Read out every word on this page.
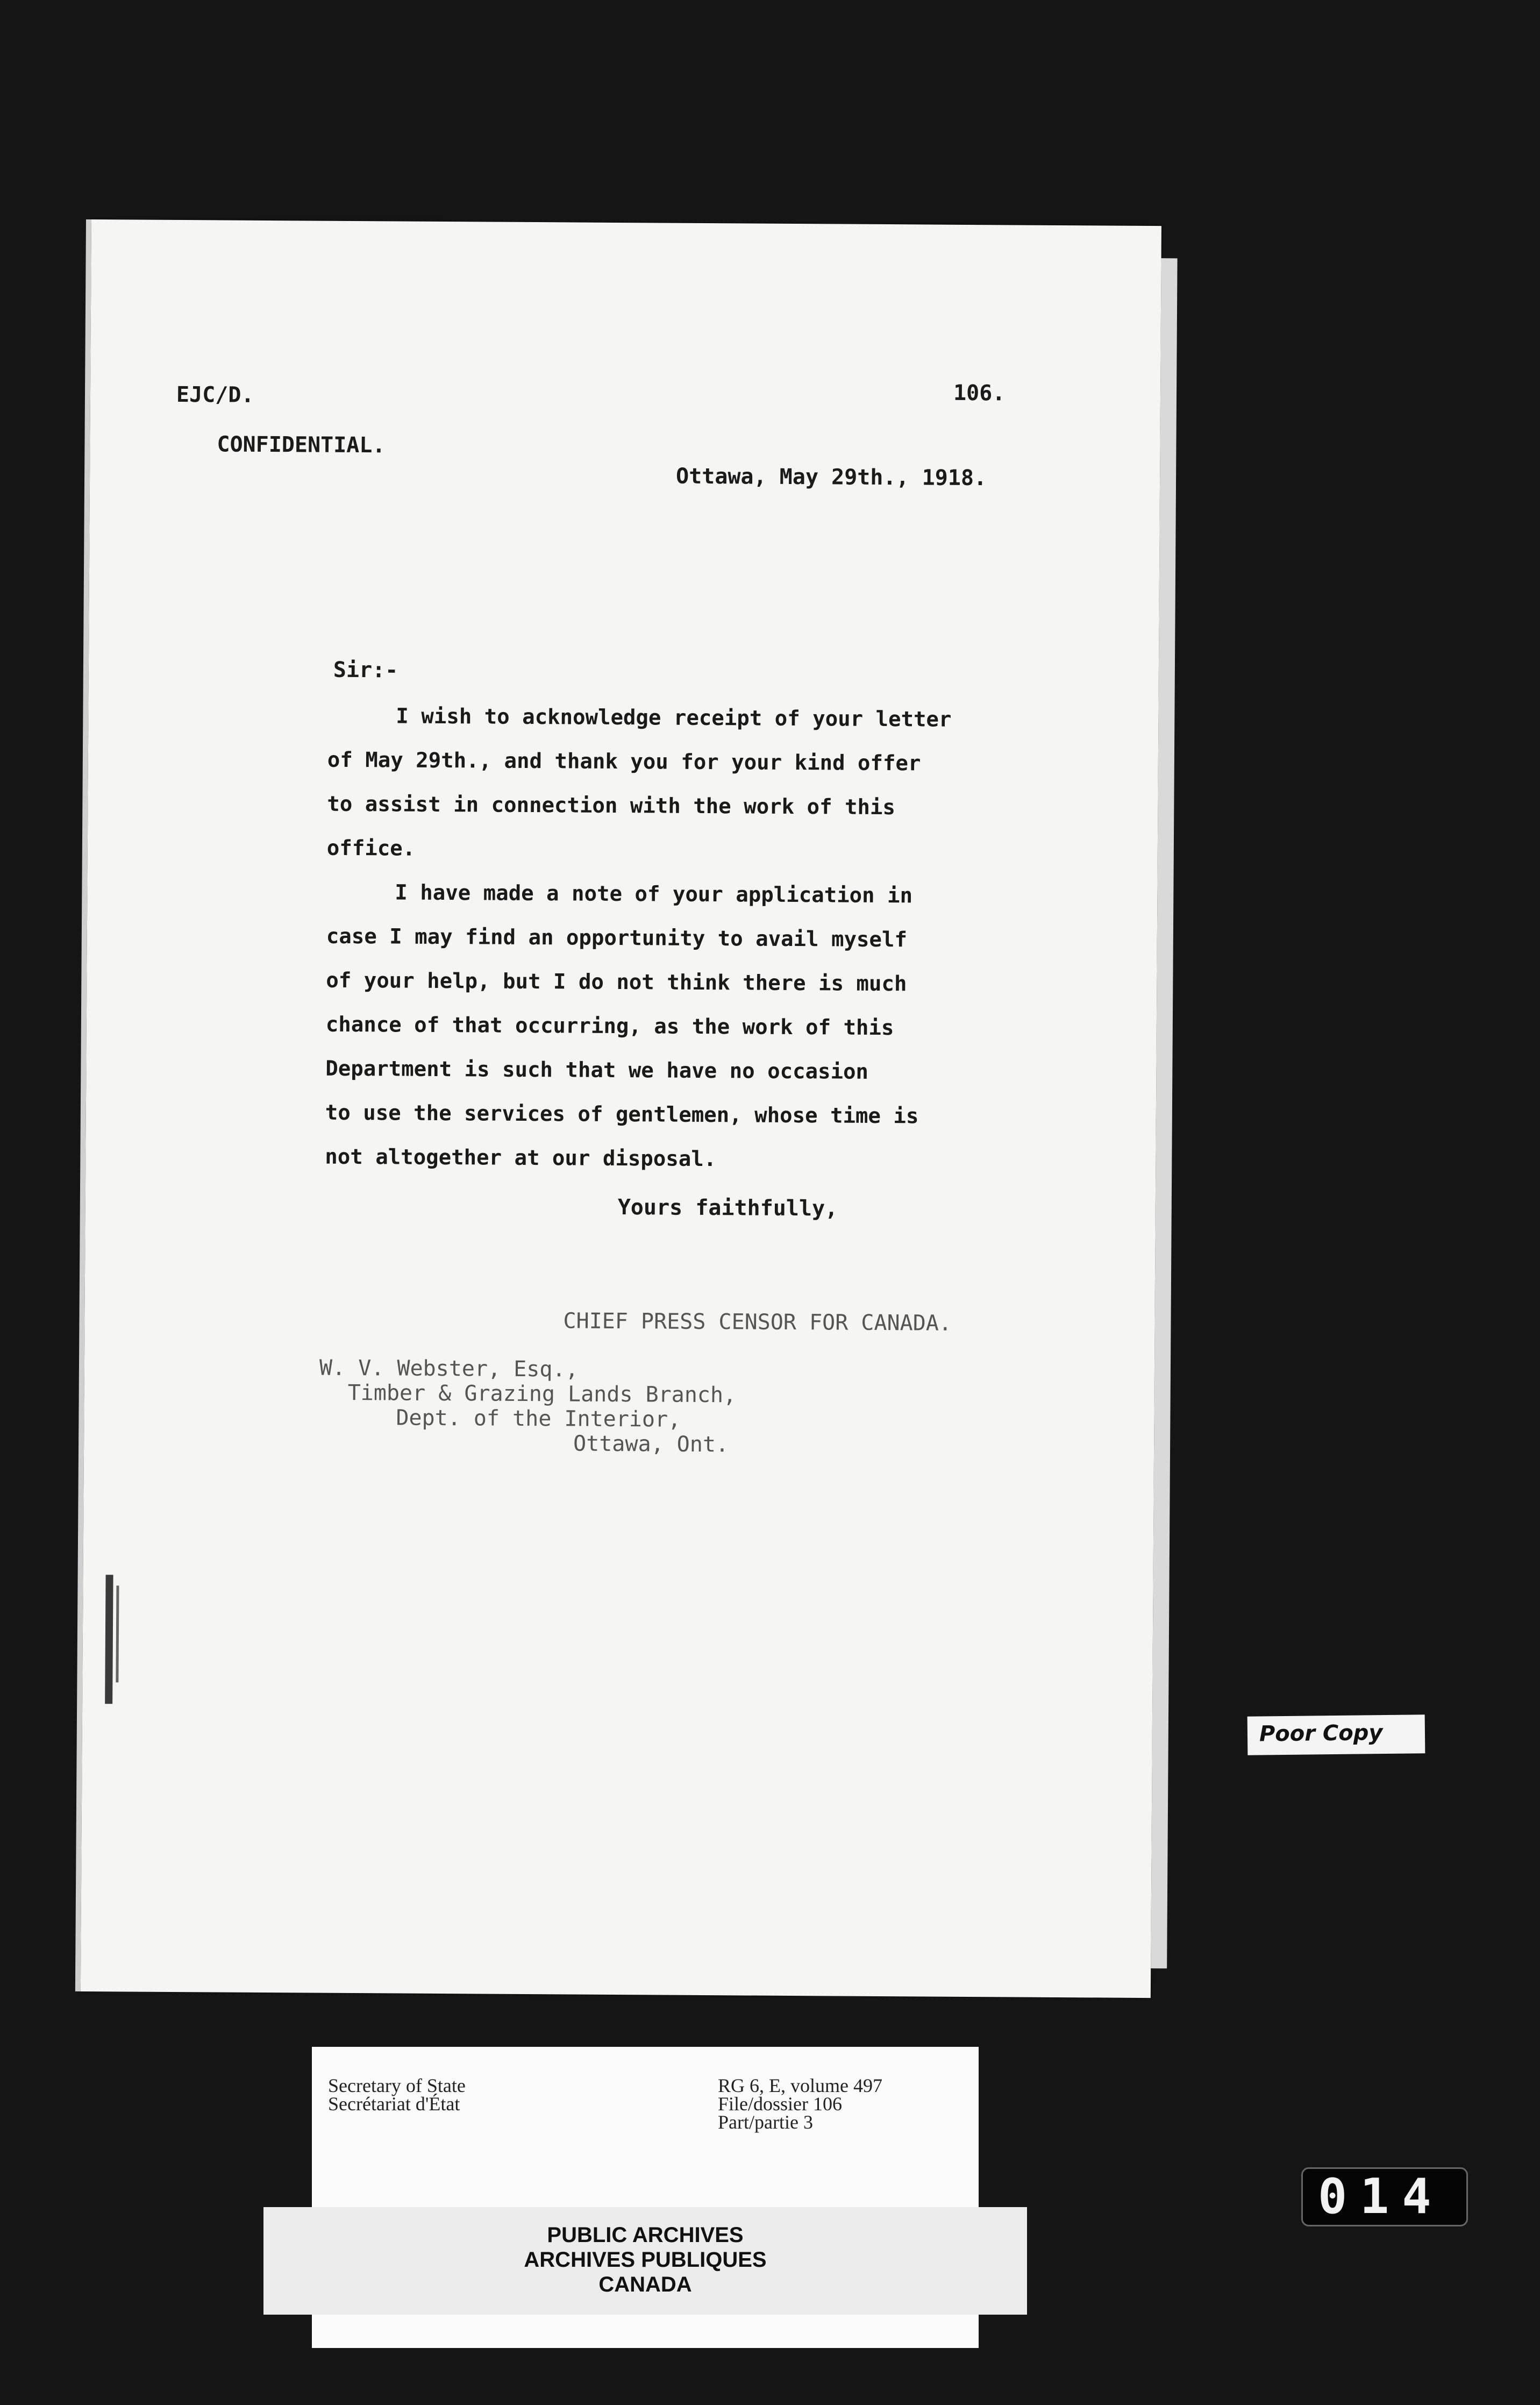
EJC/D.	106.
CONFIDENTIAL.
Ottawa, May 29th., 1918.
Sir:-
I wish to acknowledge receipt of your letter
of May 29th., and thank you for your kind offer
to assist in connection with the work of this
office.
I have made a note of your application in
case I may find an opportunity to avail myself
of your help, but I do not think there is much
chance of that occurring, as the work of this
Department is such that we have no occasion
to use the services of gentlemen, whose time is
not altogether at our disposal.
Yours faithfully,
CHIEF PRESS CENSOR FOR CANADA.
W. V. Webster, Esq.,
Timber & Grazing Lands Branch,
Dept. of the Interior,
Ottawa, Ont.
Poor Copy
Secretary of State
Secrétariat d'État
RG 6, E, volume 497
File/dossier 106
Part/partie 3
PUBLIC ARCHIVES
ARCHIVES PUBLIQUES
CANADA
014
